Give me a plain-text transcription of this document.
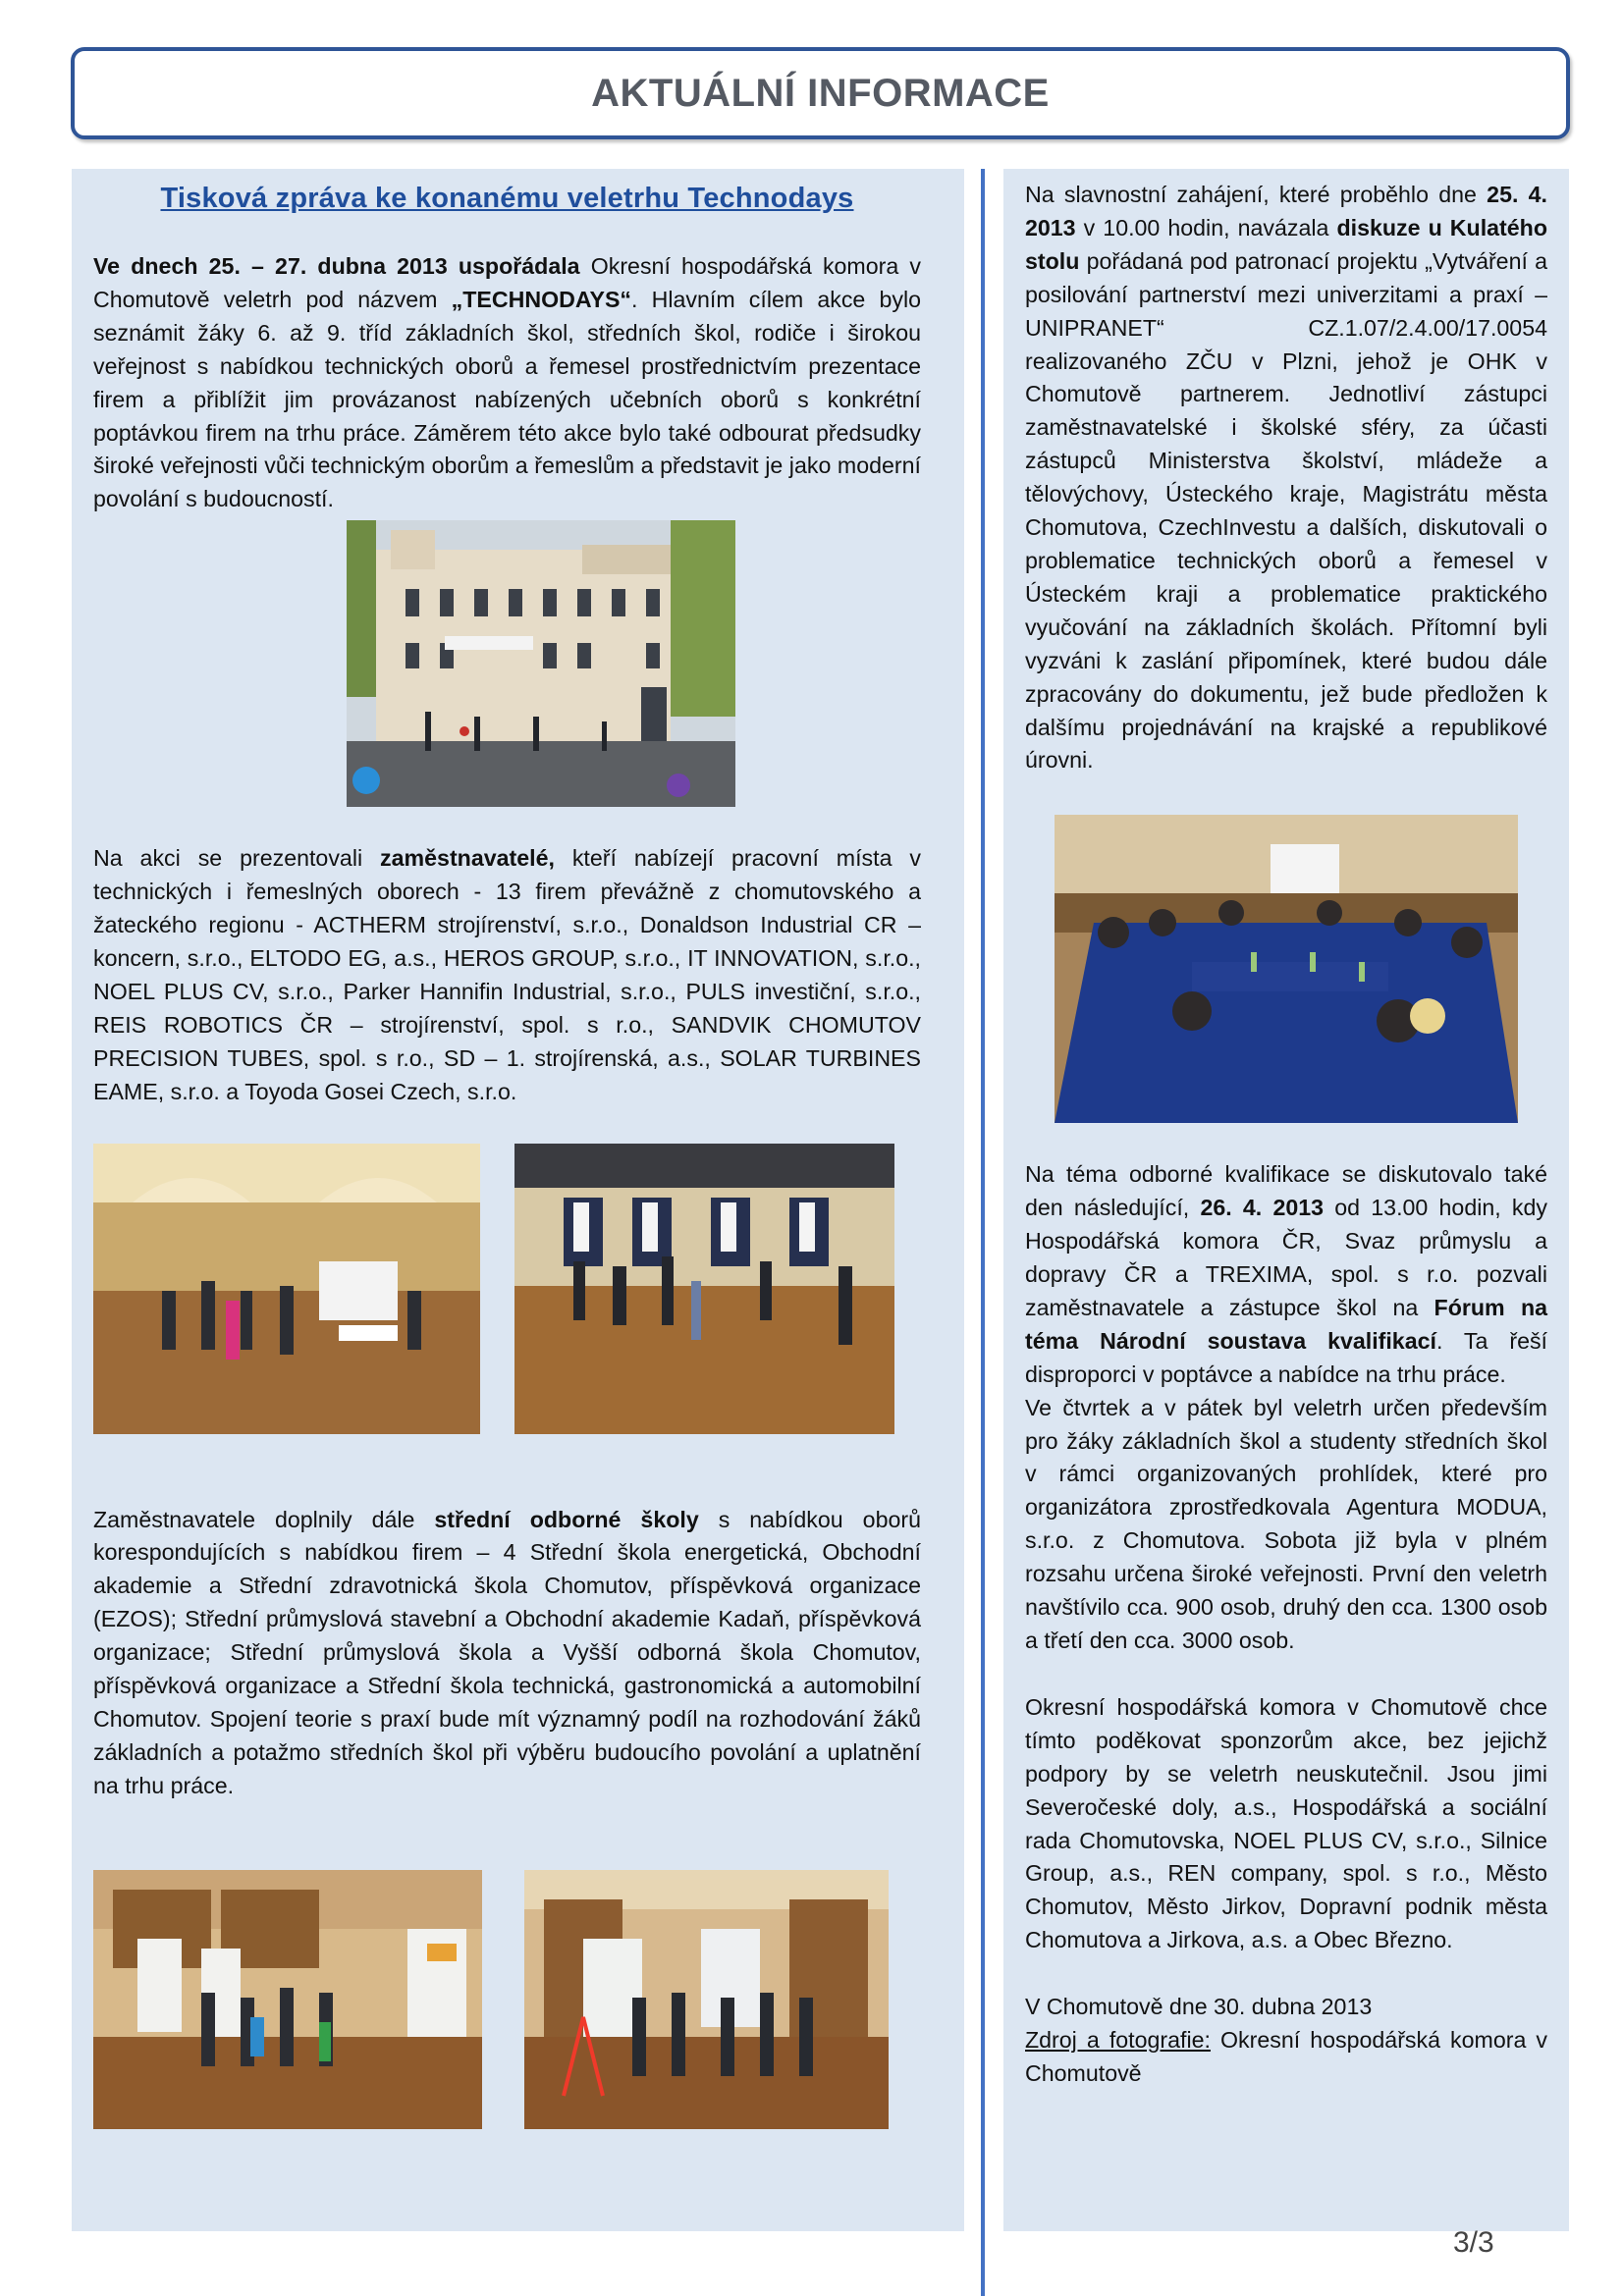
AKTUÁLNÍ INFORMACE
Tisková zpráva ke konanému veletrhu Technodays

Ve dnech 25. – 27. dubna 2013 uspořádala Okresní hospodářská komora v Chomutově veletrh pod názvem „TECHNODAYS“. Hlavním cílem akce bylo seznámit žáky 6. až 9. tříd základních škol, středních škol, rodiče i širokou veřejnost s nabídkou technických oborů a řemesel prostřednictvím prezentace firem a přiblížit jim provázanost nabízených učebních oborů s konkrétní poptávkou firem na trhu práce. Záměrem této akce bylo také odbourat předsudky široké veřejnosti vůči technickým oborům a řemeslům a představit je jako moderní povolání s budoucností.

Na akci se prezentovali zaměstnavatelé, kteří nabízejí pracovní místa v technických i řemeslných oborech - 13 firem převážně z chomutovského a žateckého regionu - ACTHERM strojírenství, s.r.o., Donaldson Industrial CR – koncern, s.r.o., ELTODO EG, a.s., HEROS GROUP, s.r.o., IT INNOVATION, s.r.o., NOEL PLUS CV, s.r.o., Parker Hannifin Industrial, s.r.o., PULS investiční, s.r.o., REIS ROBOTICS ČR – strojírenství, spol. s r.o., SANDVIK CHOMUTOV PRECISION TUBES, spol. s r.o., SD – 1. strojírenská, a.s., SOLAR TURBINES EAME, s.r.o. a Toyoda Gosei Czech, s.r.o.

Zaměstnavatele doplnily dále střední odborné školy s nabídkou oborů korespondujících s nabídkou firem – 4 Střední škola energetická, Obchodní akademie a Střední zdravotnická škola Chomutov, příspěvková organizace (EZOS); Střední průmyslová stavební a Obchodní akademie Kadaň, příspěvková organizace; Střední průmyslová škola a Vyšší odborná škola Chomutov, příspěvková organizace a Střední škola technická, gastronomická a automobilní Chomutov. Spojení teorie s praxí bude mít významný podíl na rozhodování žáků základních a potažmo středních škol při výběru budoucího povolání a uplatnění na trhu práce.

Na slavnostní zahájení, které proběhlo dne 25. 4. 2013 v 10.00 hodin, navázala diskuze u Kulatého stolu pořádaná pod patronací projektu „Vytváření a posilování partnerství mezi univerzitami a praxí – UNIPRANET“ CZ.1.07/2.4.00/17.0054 realizovaného ZČU v Plzni, jehož je OHK v Chomutově partnerem. Jednotliví zástupci zaměstnavatelské i školské sféry, za účasti zástupců Ministerstva školství, mládeže a tělovýchovy, Ústeckého kraje, Magistrátu města Chomutova, CzechInvestu a dalších, diskutovali o problematice technických oborů a řemesel v Ústeckém kraji a problematice praktického vyučování na základních školách. Přítomní byli vyzváni k zaslání připomínek, které budou dále zpracovány do dokumentu, jež bude předložen k dalšímu projednávání na krajské a republikové úrovni.

Na téma odborné kvalifikace se diskutovalo také den následující, 26. 4. 2013 od 13.00 hodin, kdy Hospodářská komora ČR, Svaz průmyslu a dopravy ČR a TREXIMA, spol. s r.o. pozvali zaměstnavatele a zástupce škol na Fórum na téma Národní soustava kvalifikací. Ta řeší disproporci v poptávce a nabídce na trhu práce.

Ve čtvrtek a v pátek byl veletrh určen především pro žáky základních škol a studenty středních škol v rámci organizovaných prohlídek, které pro organizátora zprostředkovala Agentura MODUA, s.r.o. z Chomutova. Sobota již byla v plném rozsahu určena široké veřejnosti. První den veletrh navštívilo cca. 900 osob, druhý den cca. 1300 osob a třetí den cca. 3000 osob.

Okresní hospodářská komora v Chomutově chce tímto poděkovat sponzorům akce, bez jejichž podpory by se veletrh neuskutečnil. Jsou jimi Severočeské doly, a.s., Hospodářská a sociální rada Chomutovska, NOEL PLUS CV, s.r.o., Silnice Group, a.s., REN company, spol. s r.o., Město Chomutov, Město Jirkov, Dopravní podnik města Chomutova a Jirkova, a.s. a Obec Březno.

V Chomutově dne 30. dubna 2013

Zdroj a fotografie: Okresní hospodářská komora v Chomutově

3/3
